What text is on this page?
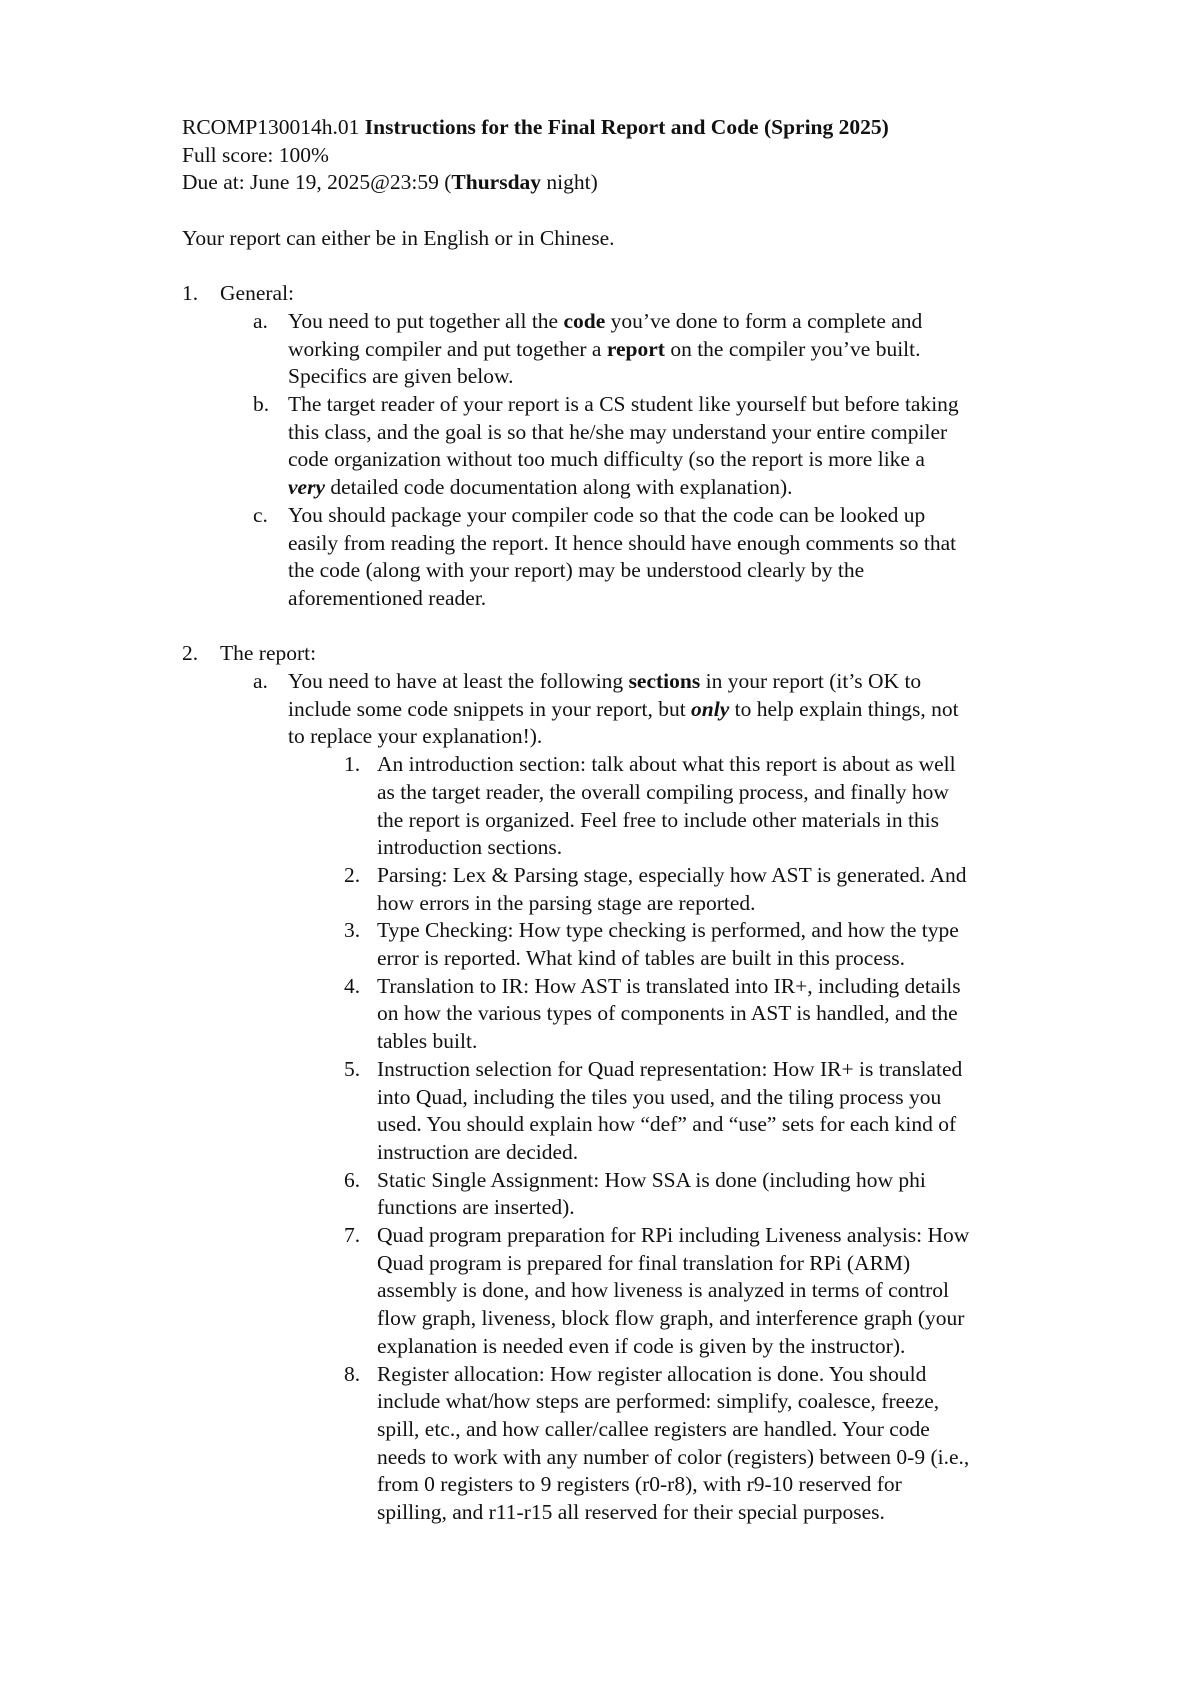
RCOMP130014h.01 Instructions for the Final Report and Code (Spring 2025)
Full score: 100%
Due at: June 19, 2025@23:59 (Thursday night)
Your report can either be in English or in Chinese.
1. General:
a. You need to put together all the code you’ve done to form a complete and
working compiler and put together a report on the compiler you’ve built.
Specifics are given below.
b. The target reader of your report is a CS student like yourself but before taking
this class, and the goal is so that he/she may understand your entire compiler
code organization without too much difficulty (so the report is more like a
very detailed code documentation along with explanation).
c. You should package your compiler code so that the code can be looked up
easily from reading the report. It hence should have enough comments so that
the code (along with your report) may be understood clearly by the
aforementioned reader.
2. The report:
a. You need to have at least the following sections in your report (it’s OK to
include some code snippets in your report, but only to help explain things, not
to replace your explanation!).
1. An introduction section: talk about what this report is about as well
as the target reader, the overall compiling process, and finally how
the report is organized. Feel free to include other materials in this
introduction sections.
2. Parsing: Lex & Parsing stage, especially how AST is generated. And
how errors in the parsing stage are reported.
3. Type Checking: How type checking is performed, and how the type
error is reported. What kind of tables are built in this process.
4. Translation to IR: How AST is translated into IR+, including details
on how the various types of components in AST is handled, and the
tables built.
5. Instruction selection for Quad representation: How IR+ is translated
into Quad, including the tiles you used, and the tiling process you
used. You should explain how “def” and “use” sets for each kind of
instruction are decided.
6. Static Single Assignment: How SSA is done (including how phi
functions are inserted).
7. Quad program preparation for RPi including Liveness analysis: How
Quad program is prepared for final translation for RPi (ARM)
assembly is done, and how liveness is analyzed in terms of control
flow graph, liveness, block flow graph, and interference graph (your
explanation is needed even if code is given by the instructor).
8. Register allocation: How register allocation is done. You should
include what/how steps are performed: simplify, coalesce, freeze,
spill, etc., and how caller/callee registers are handled. Your code
needs to work with any number of color (registers) between 0-9 (i.e.,
from 0 registers to 9 registers (r0-r8), with r9-10 reserved for
spilling, and r11-r15 all reserved for their special purposes.
